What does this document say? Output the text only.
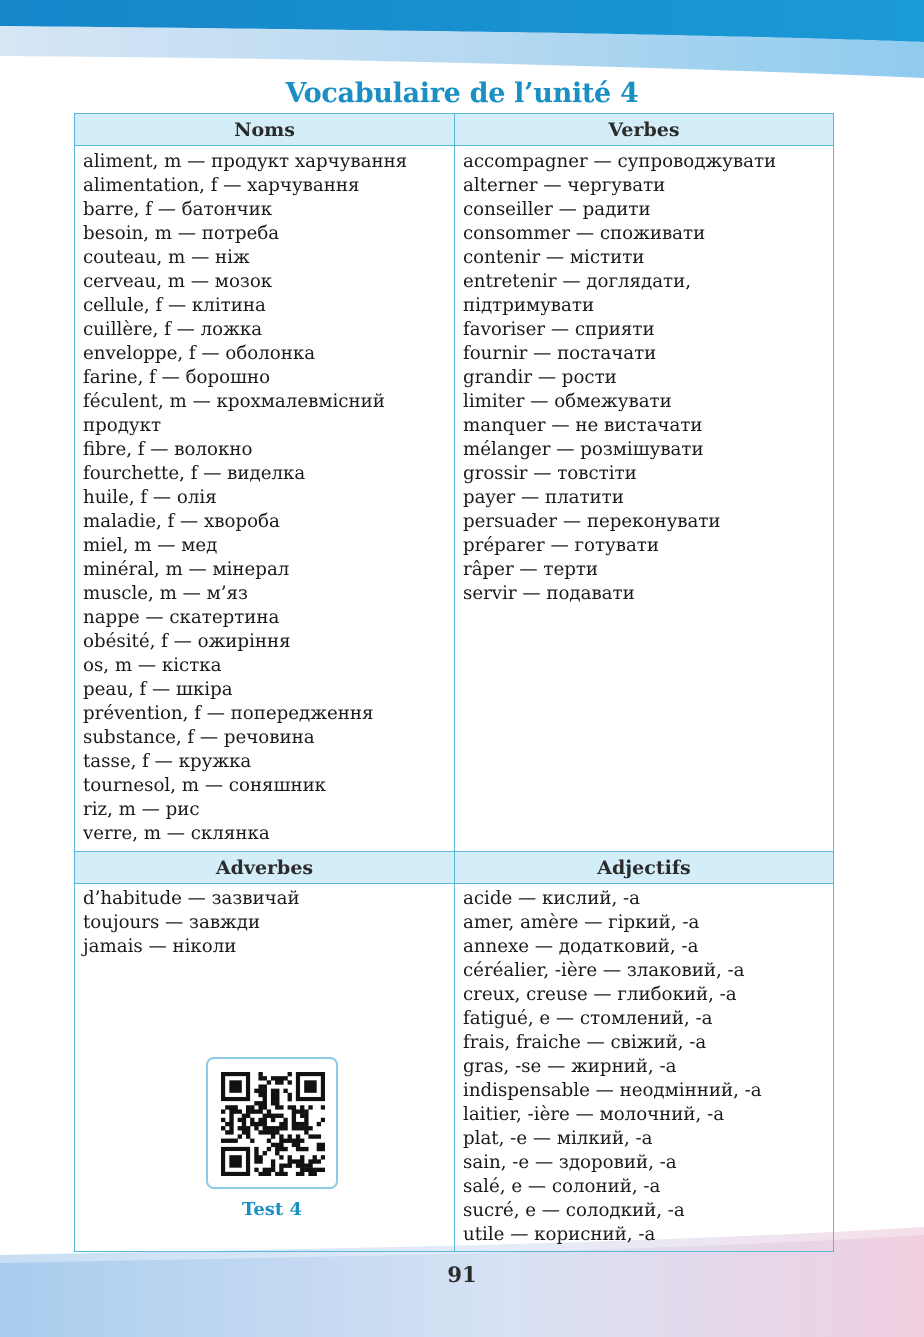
Vocabulaire de l’unité 4
Noms	Verbes
aliment, m — продукт харчування
alimentation, f — харчування
barre, f — батончик
besoin, m — потреба
couteau, m — ніж
cerveau, m — мозок
cellule, f — клітина
cuillère, f — ложка
enveloppe, f — оболонка
farine, f — борошно
féculent, m — крохмалевмісний
продукт
fibre, f — волокно
fourchette, f — виделка
huile, f — олія
maladie, f — хвороба
miel, m — мед
minéral, m — мінерал
muscle, m — м’яз
nappe — скатертина
obésité, f — ожиріння
os, m — кістка
peau, f — шкіра
prévention, f — попередження
substance, f — речовина
tasse, f — кружка
tournesol, m — соняшник
riz, m — рис
verre, m — склянка
accompagner — супроводжувати
alterner — чергувати
conseiller — радити
consommer — споживати
contenir — містити
entretenir — доглядати,
підтримувати
favoriser — сприяти
fournir — постачати
grandir — рости
limiter — обмежувати
manquer — не вистачати
mélanger — розмішувати
grossir — товстіти
payer — платити
persuader — переконувати
préparer — готувати
râper — терти
servir — подавати
Adverbes	Adjectifs
d’habitude — зазвичай
toujours — завжди
jamais — ніколи
acide — кислий, -а
amer, amère — гіркий, -а
annexe — додатковий, -а
céréalier, -ière — злаковий, -а
creux, creuse — глибокий, -а
fatigué, e — стомлений, -а
frais, fraiche — свіжий, -а
gras, -se — жирний, -а
indispensable — неодмінний, -а
laitier, -ière — молочний, -а
plat, -e — мілкий, -а
sain, -e — здоровий, -а
salé, e — солоний, -а
sucré, e — солодкий, -а
utile — корисний, -а
Test 4
91
